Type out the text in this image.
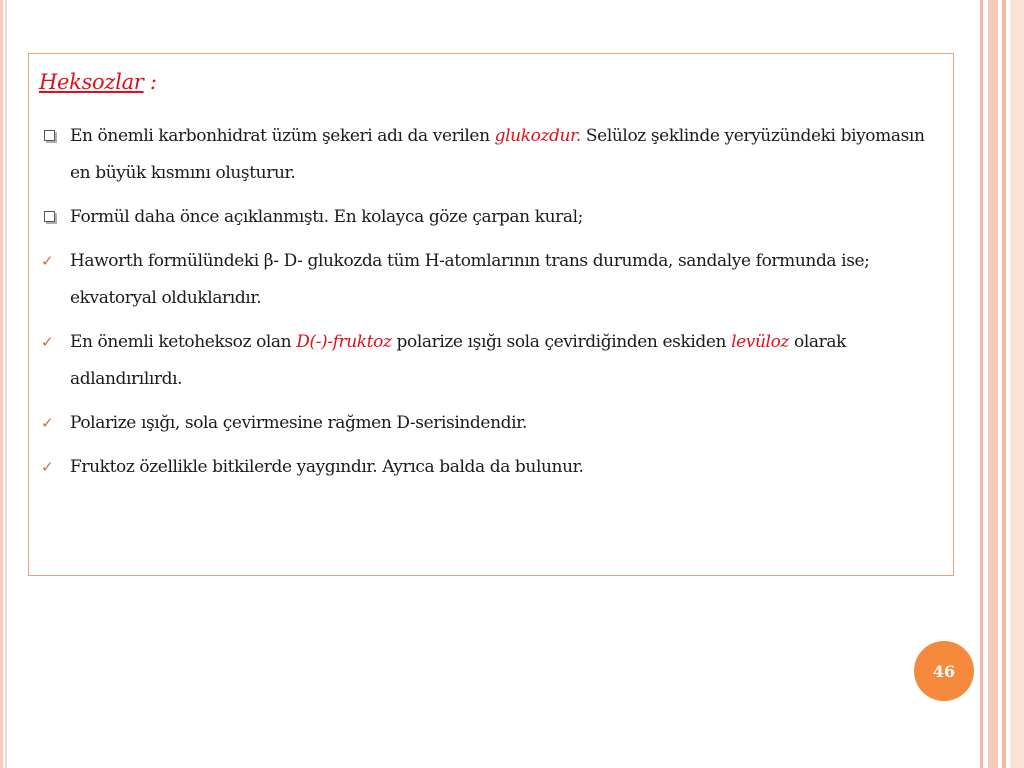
Heksozlar :
En önemli karbonhidrat üzüm şekeri adı da verilen glukozdur. Selüloz şeklinde yeryüzündeki biyomasın en büyük kısmını oluşturur.
Formül daha önce açıklanmıştı. En kolayca göze çarpan kural;
✓ Haworth formülündeki β- D- glukozda tüm H-atomlarının trans durumda, sandalye formunda ise; ekvatoryal olduklarıdır.
✓ En önemli ketoheksoz olan D(-)-fruktoz polarize ışığı sola çevirdiğinden eskiden levüloz olarak adlandırılırdı.
✓ Polarize ışığı, sola çevirmesine rağmen D-serisindendir.
✓ Fruktoz özellikle bitkilerde yaygındır. Ayrıca balda da bulunur.
46
